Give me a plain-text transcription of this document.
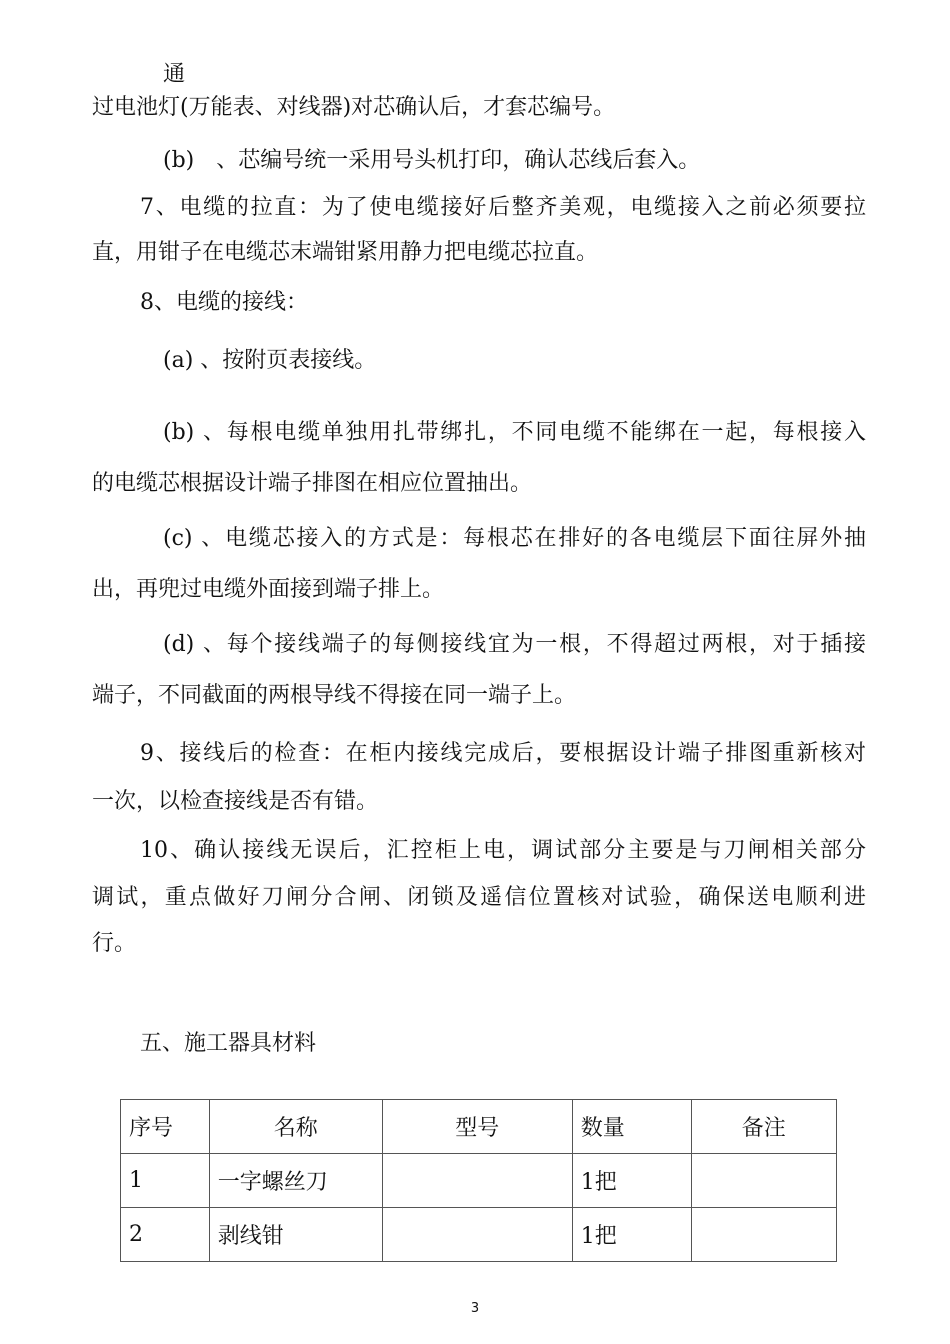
通
过电池灯(万能表、对线器)对芯确认后，才套芯编号。
(b)　、芯编号统一采用号头机打印，确认芯线后套入。
7、电缆的拉直：为了使电缆接好后整齐美观，电缆接入之前必须要拉
直，用钳子在电缆芯末端钳紧用静力把电缆芯拉直。
8、电缆的接线：
(a) 、按附页表接线。
(b) 、每根电缆单独用扎带绑扎，不同电缆不能绑在一起，每根接入
的电缆芯根据设计端子排图在相应位置抽出。
(c) 、电缆芯接入的方式是：每根芯在排好的各电缆层下面往屏外抽
出，再兜过电缆外面接到端子排上。
(d) 、每个接线端子的每侧接线宜为一根，不得超过两根，对于插接
端子，不同截面的两根导线不得接在同一端子上。
9、接线后的检查：在柜内接线完成后，要根据设计端子排图重新核对
一次，以检查接线是否有错。
10、确认接线无误后，汇控柜上电，调试部分主要是与刀闸相关部分
调试，重点做好刀闸分合闸、闭锁及遥信位置核对试验，确保送电顺利进
行。
五、施工器具材料
序号	名称	型号	数量	备注
1	一字螺丝刀		1把	
2	剥线钳		1把	
3
